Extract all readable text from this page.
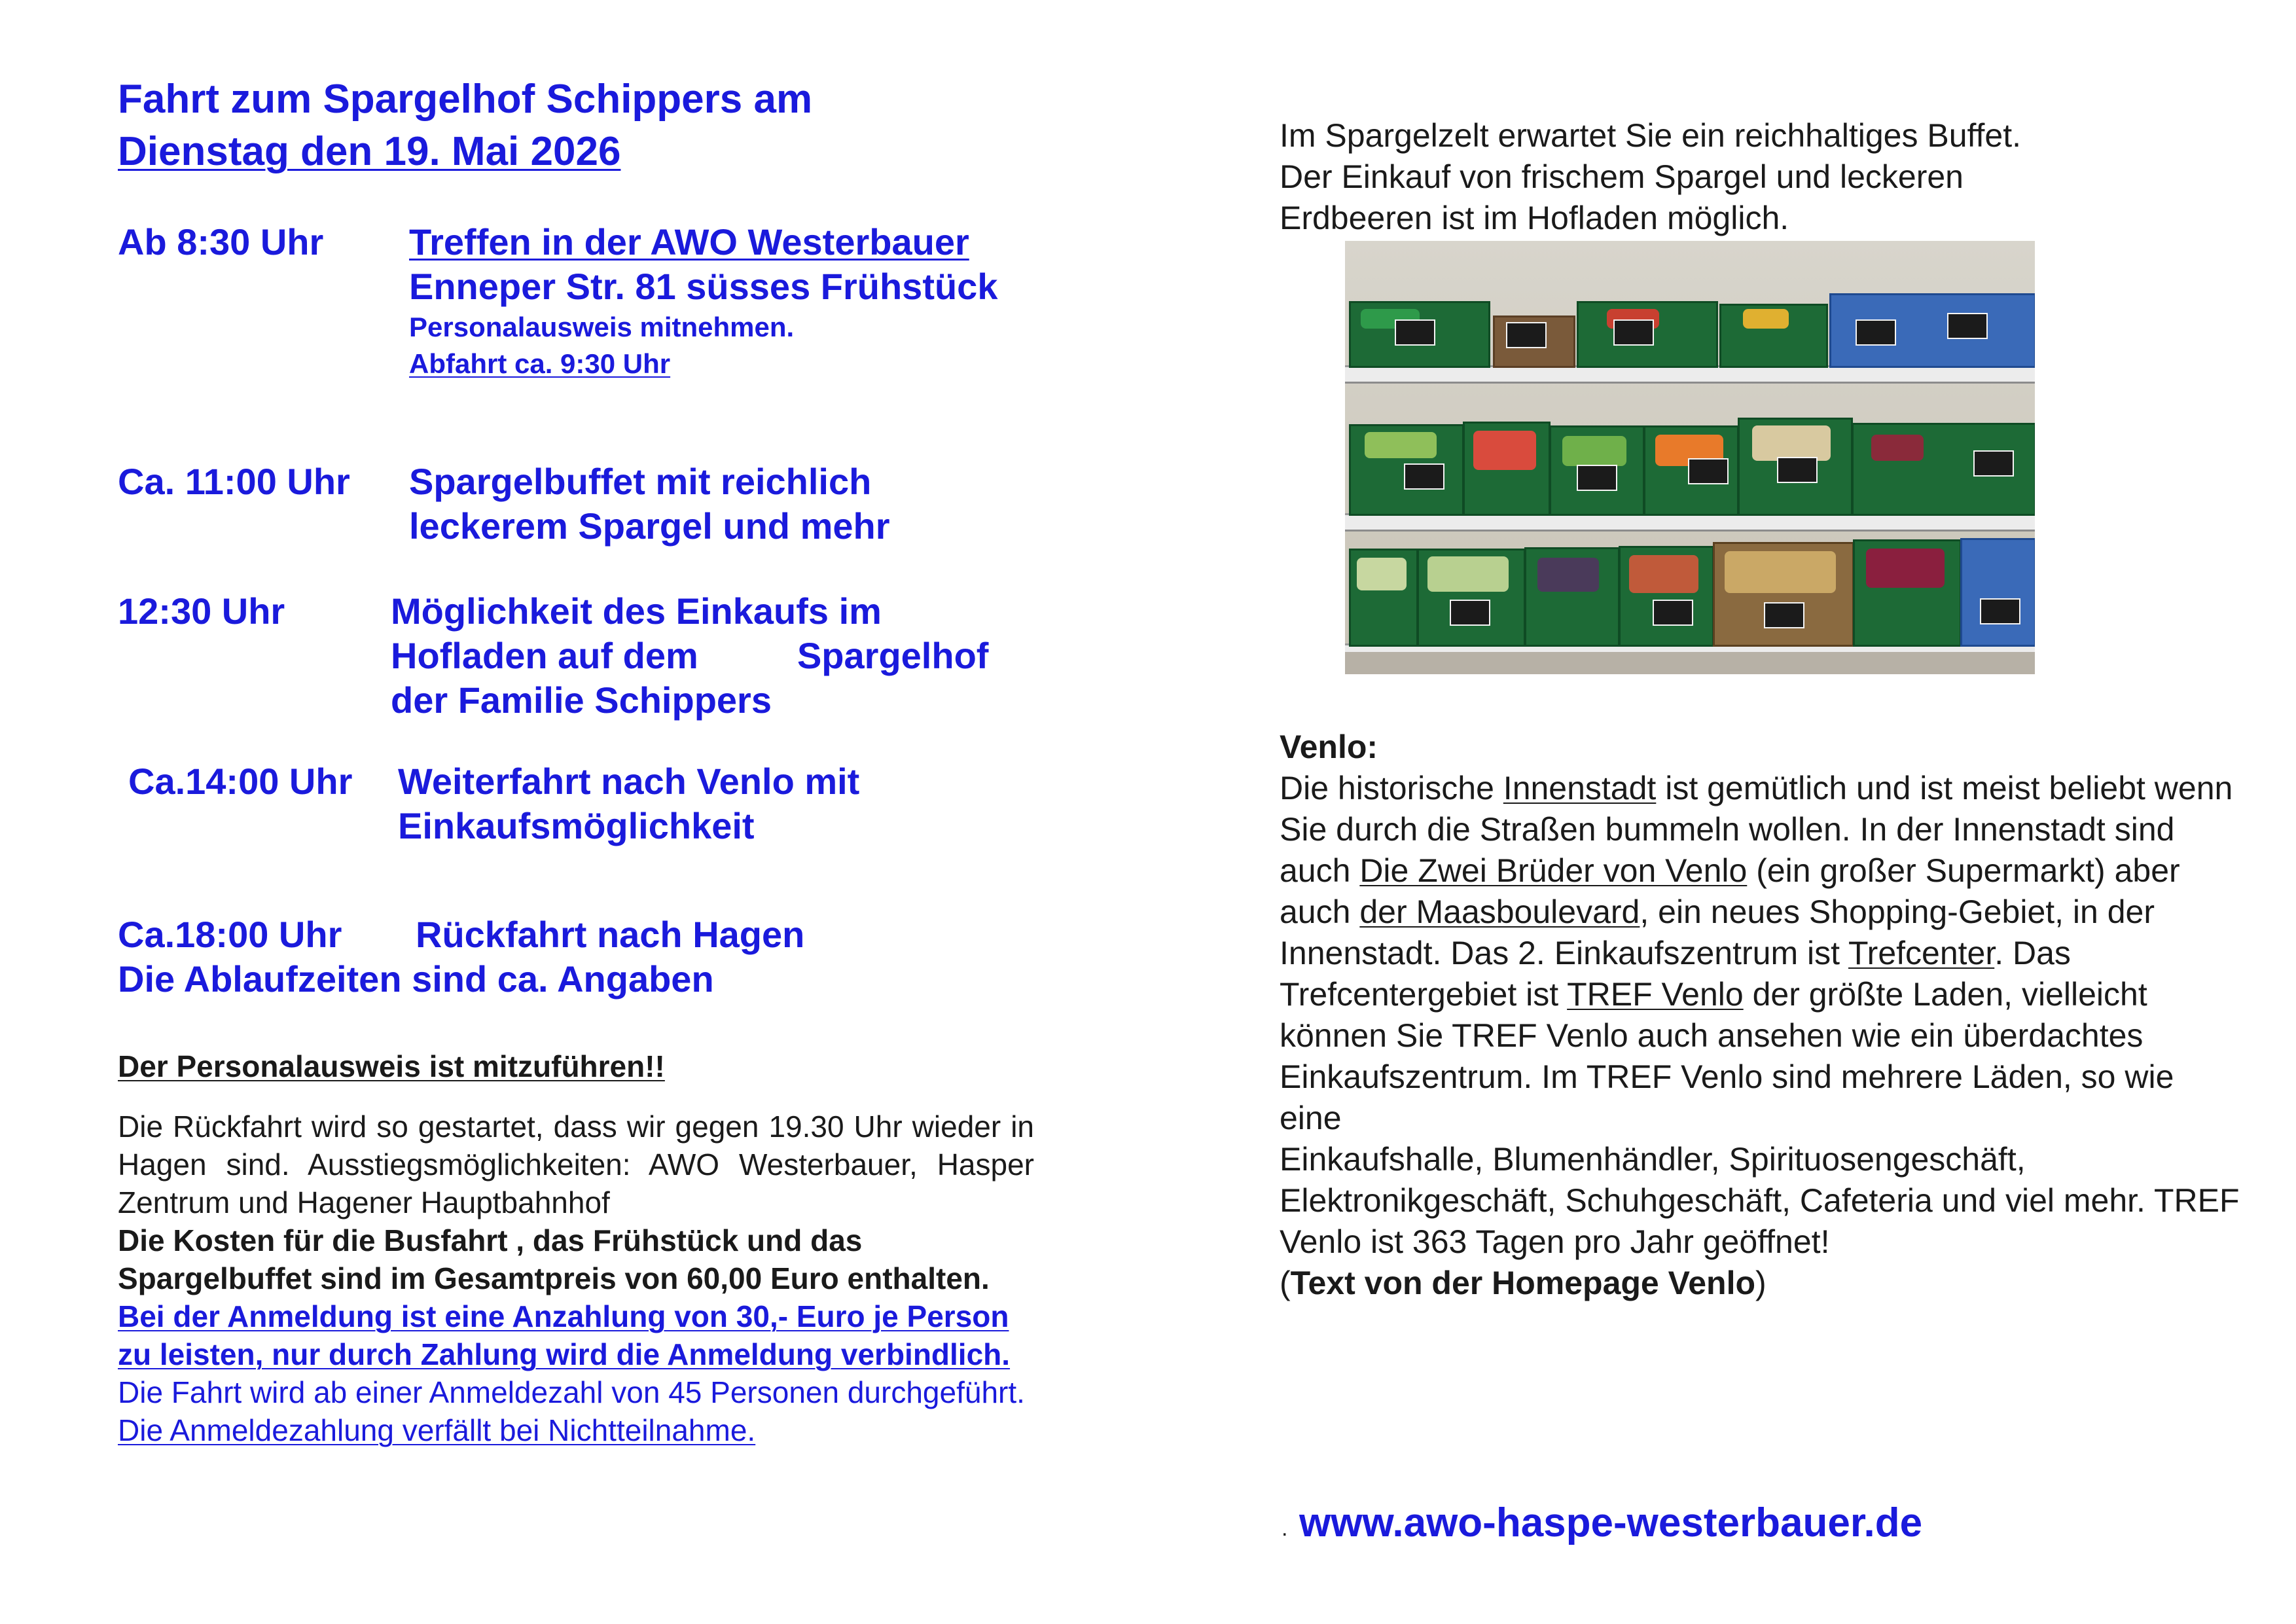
Fahrt zum Spargelhof Schippers am
Dienstag den 19. Mai 2026
Ab 8:30 Uhr Treffen in der AWO Westerbauer
Enneper Str. 81 süsses Frühstück
Personalausweis mitnehmen.
Abfahrt ca. 9:30 Uhr
Ca. 11:00 Uhr Spargelbuffet mit reichlich
leckerem Spargel und mehr
12:30 Uhr	Möglichkeit des Einkaufs im
Hofladen auf dem	Spargelhof
der Familie Schippers
Ca.14:00 Uhr Weiterfahrt nach Venlo mit
Einkaufsmöglichkeit
Ca.18:00 Uhr Rückfahrt nach Hagen
Die Ablaufzeiten sind ca. Angaben
Der Personalausweis ist mitzuführen!!
Die Rückfahrt wird so gestartet, dass wir gegen 19.30 Uhr wieder in Hagen sind. Ausstiegsmöglichkeiten: AWO Westerbauer, Hasper Zentrum und Hagener Hauptbahnhof
Die Kosten für die Busfahrt , das Frühstück und das Spargelbuffet sind im Gesamtpreis von 60,00 Euro enthalten.
Bei der Anmeldung ist eine Anzahlung von 30,- Euro je Person zu leisten, nur durch Zahlung wird die Anmeldung verbindlich.
Die Fahrt wird ab einer Anmeldezahl von 45 Personen durchgeführt.
Die Anmeldezahlung verfällt bei Nichtteilnahme.
Im Spargelzelt erwartet Sie ein reichhaltiges Buffet.
Der Einkauf von frischem Spargel und leckeren
Erdbeeren ist im Hofladen möglich.
Venlo:
Die historische Innenstadt ist gemütlich und ist meist beliebt wenn Sie durch die Straßen bummeln wollen. In der Innenstadt sind auch Die Zwei Brüder von Venlo (ein großer Supermarkt) aber auch der Maasboulevard, ein neues Shopping-Gebiet, in der Innenstadt. Das 2. Einkaufszentrum ist Trefcenter. Das Trefcentergebiet ist TREF Venlo der größte Laden, vielleicht können Sie TREF Venlo auch ansehen wie ein überdachtes Einkaufszentrum. Im TREF Venlo sind mehrere Läden, so wie eine
Einkaufshalle, Blumenhändler, Spirituosengeschäft, Elektronikgeschäft, Schuhgeschäft, Cafeteria und viel mehr. TREF Venlo ist 363 Tagen pro Jahr geöffnet!
(Text von der Homepage Venlo)
. www.awo-haspe-westerbauer.de
